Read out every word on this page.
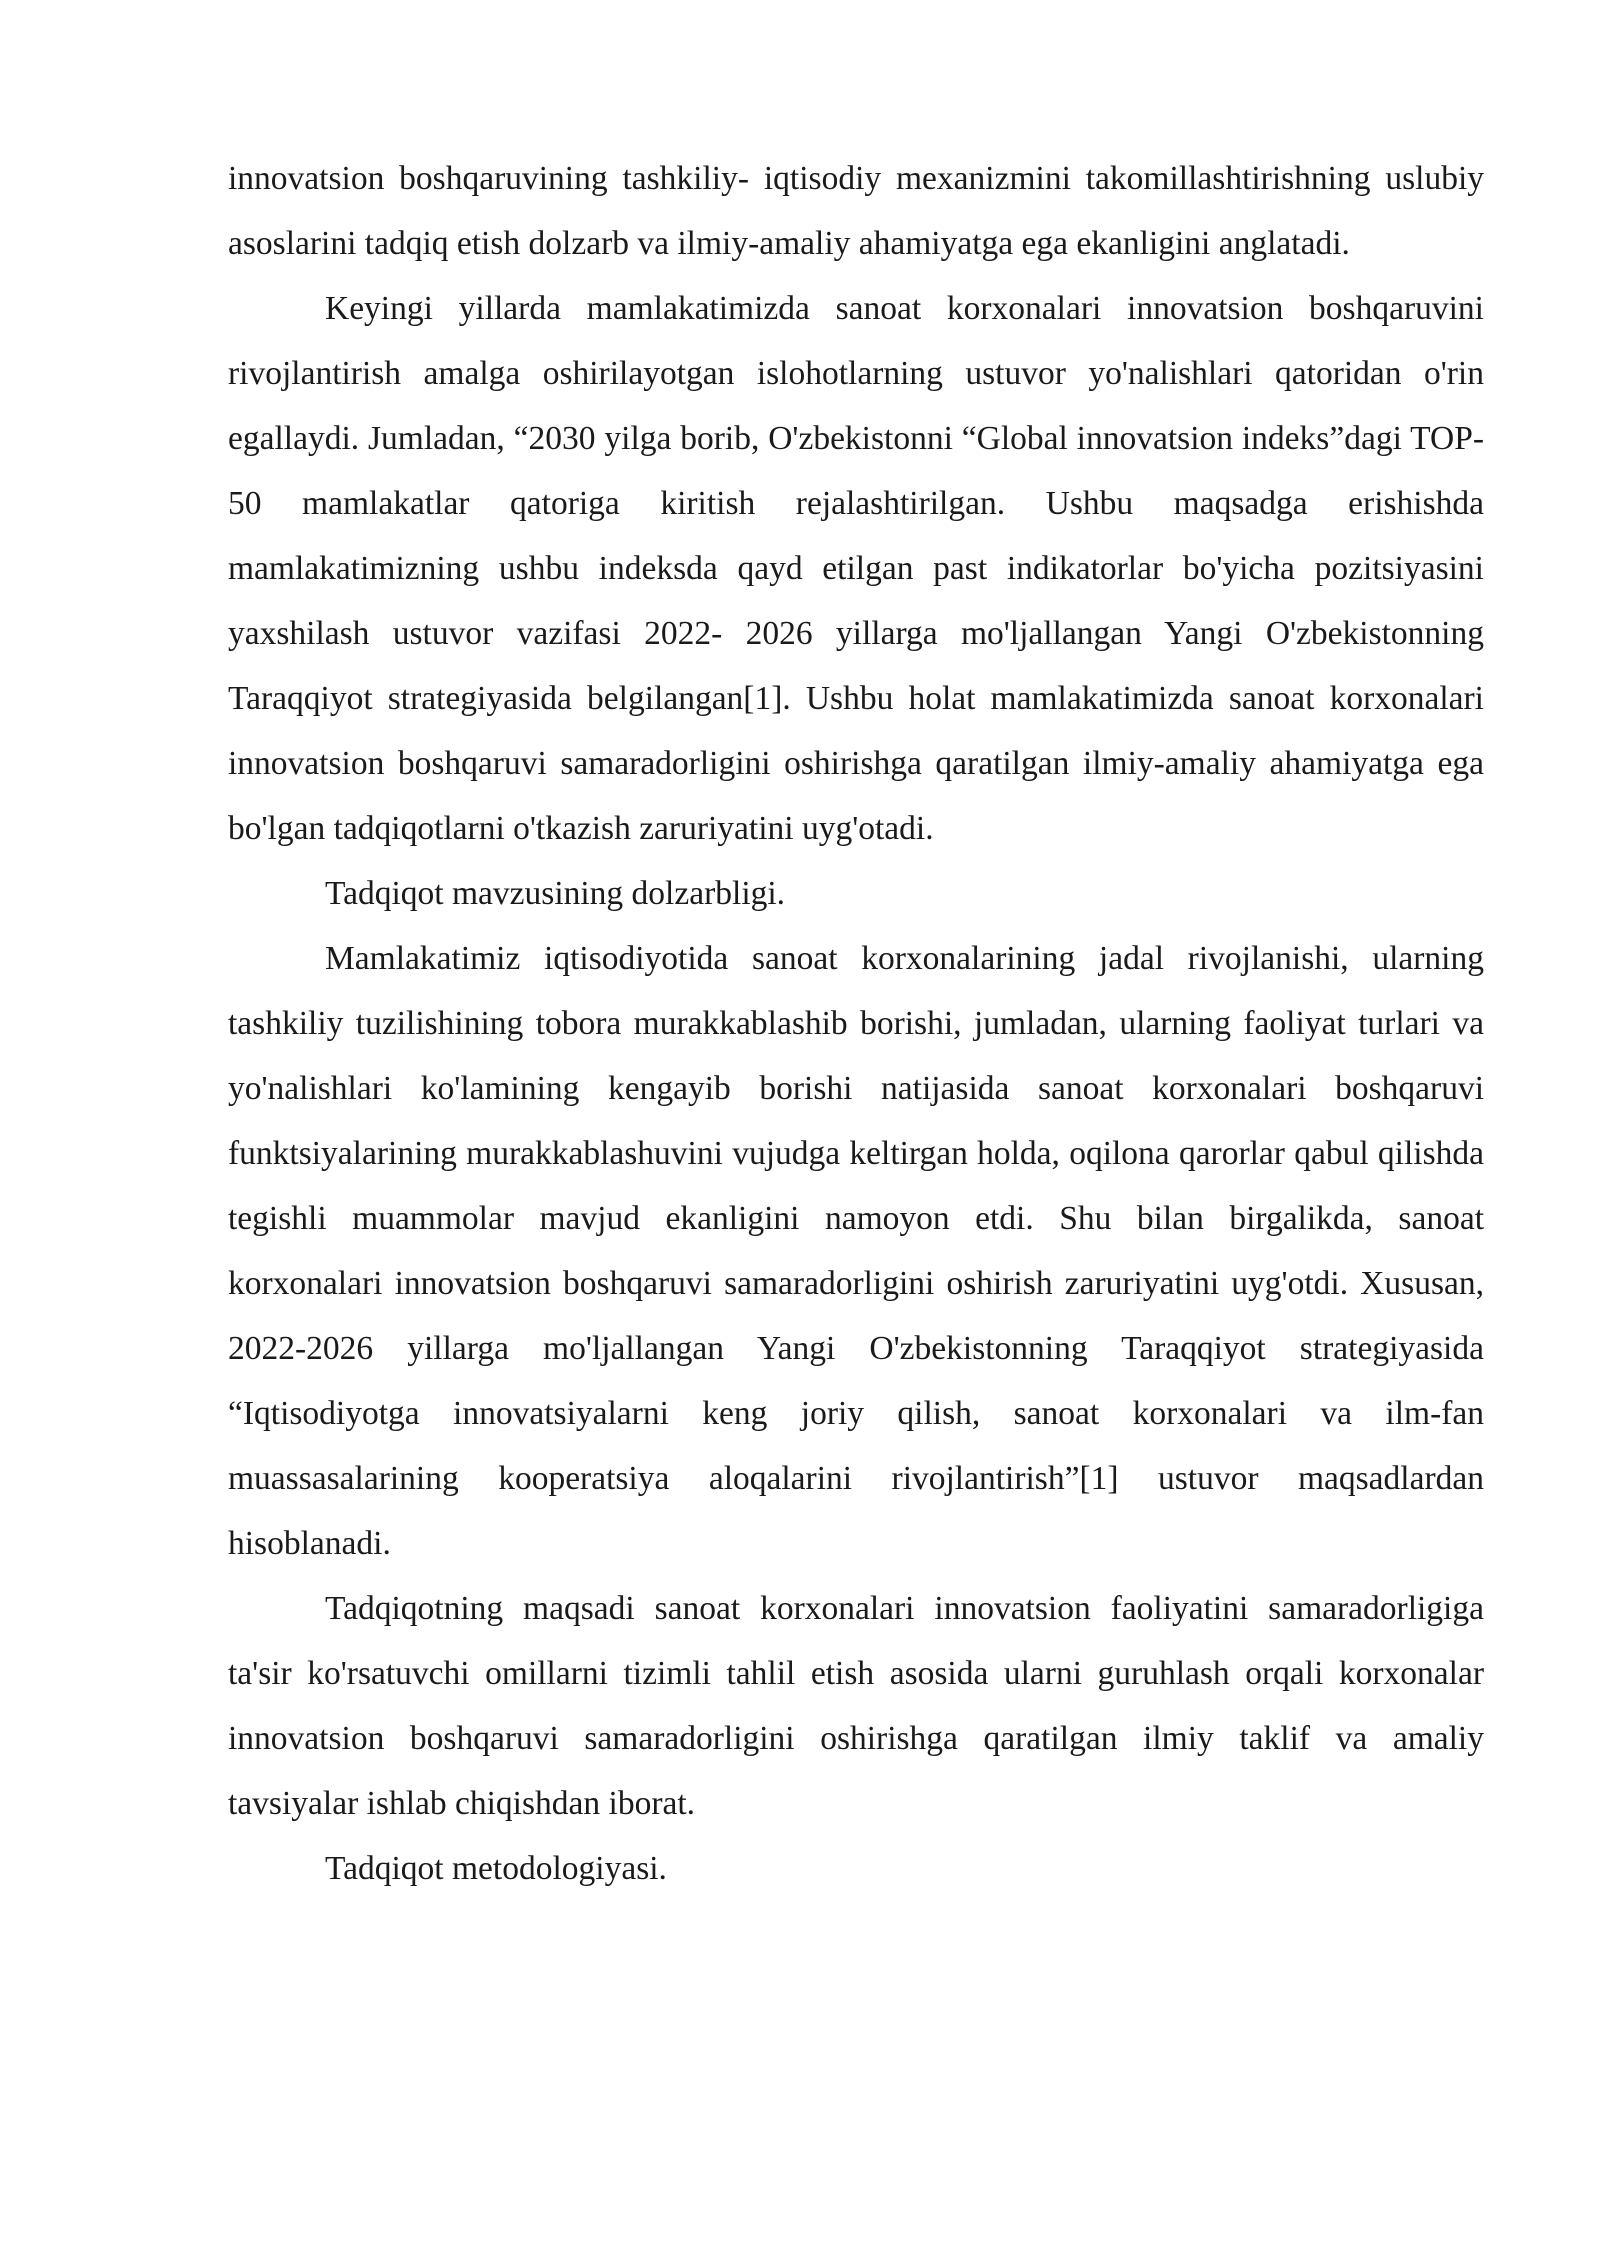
innovatsion boshqaruvining tashkiliy- iqtisodiy mexanizmini takomillashtirishning uslubiy asoslarini tadqiq etish dolzarb va ilmiy-amaliy ahamiyatga ega ekanligini anglatadi.

Keyingi yillarda mamlakatimizda sanoat korxonalari innovatsion boshqaruvini rivojlantirish amalga oshirilayotgan islohotlarning ustuvor yo'nalishlari qatoridan o'rin egallaydi. Jumladan, “2030 yilga borib, O'zbekistonni “Global innovatsion indeks”dagi TOP-50 mamlakatlar qatoriga kiritish rejalashtirilgan. Ushbu maqsadga erishishda mamlakatimizning ushbu indeksda qayd etilgan past indikatorlar bo'yicha pozitsiyasini yaxshilash ustuvor vazifasi 2022- 2026 yillarga mo'ljallangan Yangi O'zbekistonning Taraqqiyot strategiyasida belgilangan[1]. Ushbu holat mamlakatimizda sanoat korxonalari innovatsion boshqaruvi samaradorligini oshirishga qaratilgan ilmiy-amaliy ahamiyatga ega bo'lgan tadqiqotlarni o'tkazish zaruriyatini uyg'otadi.

Tadqiqot mavzusining dolzarbligi.

Mamlakatimiz iqtisodiyotida sanoat korxonalarining jadal rivojlanishi, ularning tashkiliy tuzilishining tobora murakkablashib borishi, jumladan, ularning faoliyat turlari va yo'nalishlari ko'lamining kengayib borishi natijasida sanoat korxonalari boshqaruvi funktsiyalarining murakkablashuvini vujudga keltirgan holda, oqilona qarorlar qabul qilishda tegishli muammolar mavjud ekanligini namoyon etdi. Shu bilan birgalikda, sanoat korxonalari innovatsion boshqaruvi samaradorligini oshirish zaruriyatini uyg'otdi. Xususan, 2022-2026 yillarga mo'ljallangan Yangi O'zbekistonning Taraqqiyot strategiyasida “Iqtisodiyotga innovatsiyalarni keng joriy qilish, sanoat korxonalari va ilm-fan muassasalarining kooperatsiya aloqalarini rivojlantirish”[1] ustuvor maqsadlardan hisoblanadi.

Tadqiqotning maqsadi sanoat korxonalari innovatsion faoliyatini samaradorligiga ta'sir ko'rsatuvchi omillarni tizimli tahlil etish asosida ularni guruhlash orqali korxonalar innovatsion boshqaruvi samaradorligini oshirishga qaratilgan ilmiy taklif va amaliy tavsiyalar ishlab chiqishdan iborat.

Tadqiqot metodologiyasi.
